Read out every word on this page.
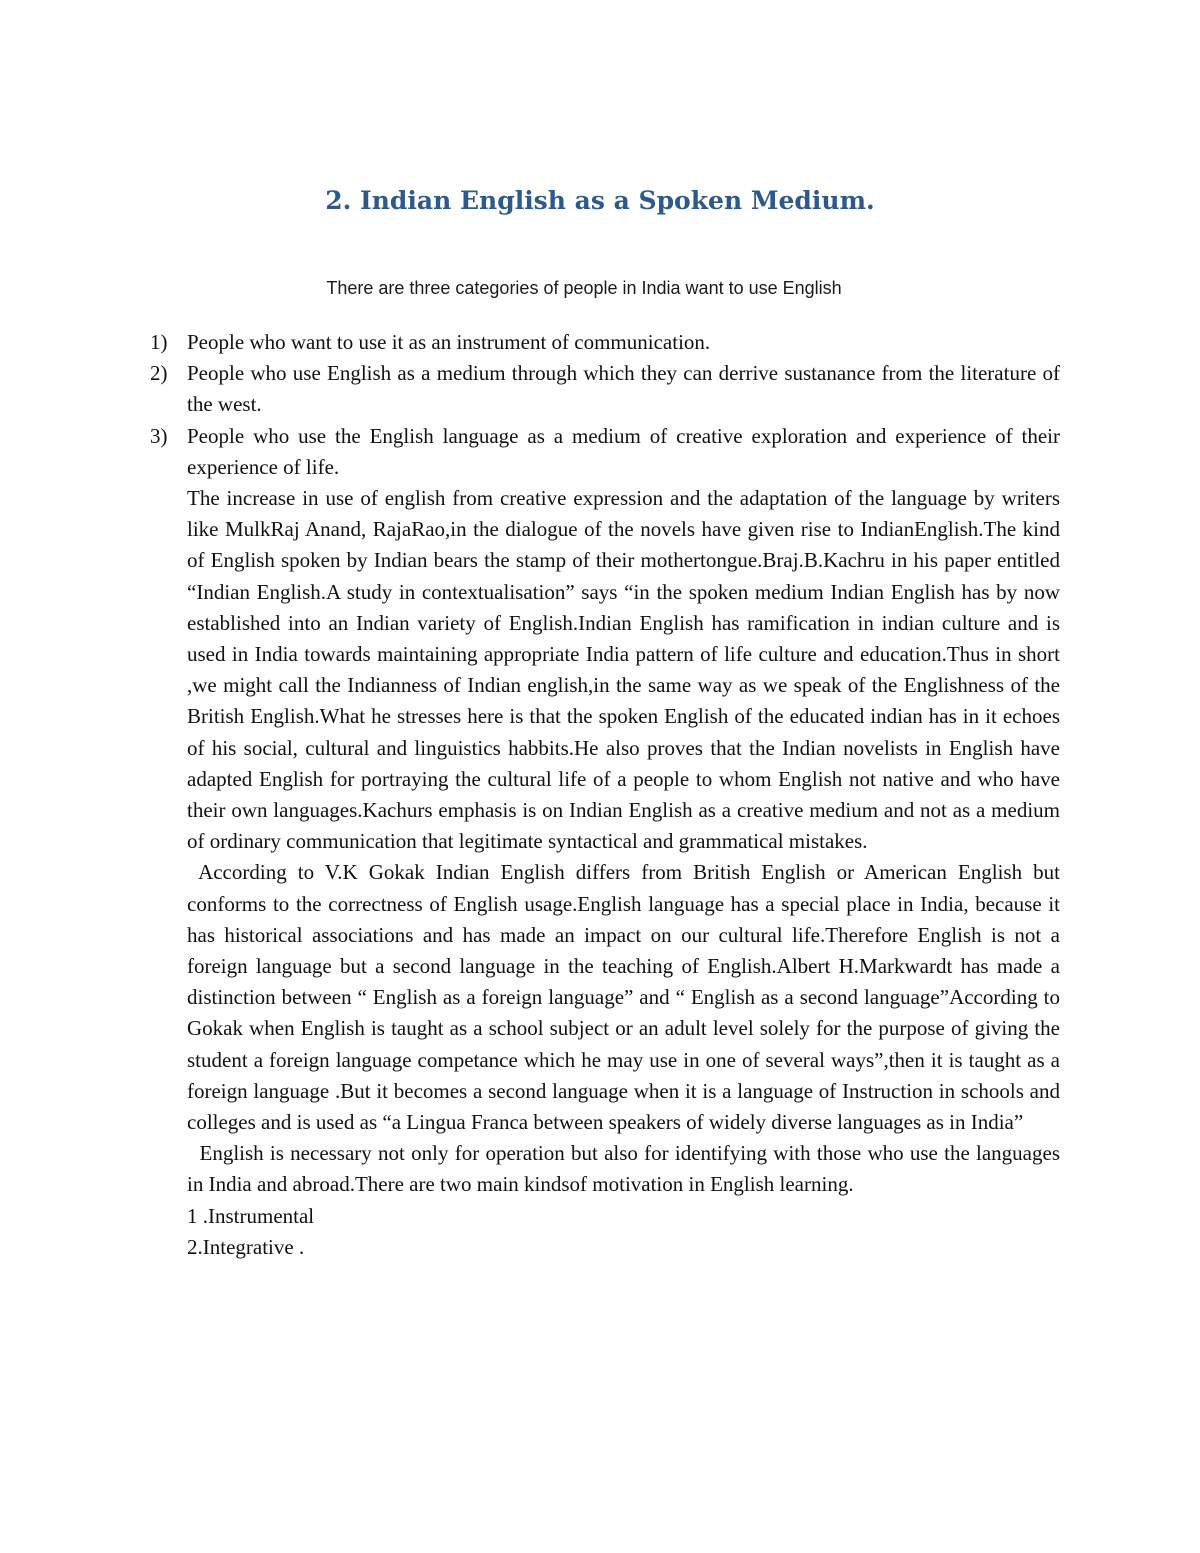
2. Indian English as a Spoken Medium.

There are three categories of people in India want to use English

1) People who want to use it as an instrument of communication.
2) People who use English as a medium through which they can derrive sustanance from the literature of the west.
3) People who use the English language as a medium of creative exploration and experience of their experience of life.

The increase in use of english from creative expression and the adaptation of the language by writers like MulkRaj Anand, RajaRao,in the dialogue of the novels have given rise to IndianEnglish.The kind of English spoken by Indian bears the stamp of their mothertongue.Braj.B.Kachru in his paper entitled “Indian English.A study in contextualisation” says “in the spoken medium Indian English has by now established into an Indian variety of English.Indian English has ramification in indian culture and is used in India towards maintaining appropriate India pattern of life culture and education.Thus in short ,we might call the Indianness of Indian english,in the same way as we speak of the Englishness of the British English.What he stresses here is that the spoken English of the educated indian has in it echoes of his social, cultural and linguistics habbits.He also proves that the Indian novelists in English have adapted English for portraying the cultural life of a people to whom English not native and who have their own languages.Kachurs emphasis is on Indian English as a creative medium and not as a medium of ordinary communication that legitimate syntactical and grammatical mistakes.

According to V.K Gokak Indian English differs from British English or American English but conforms to the correctness of English usage.English language has a special place in India, because it has historical associations and has made an impact on our cultural life.Therefore English is not a foreign language but a second language in the teaching of English.Albert H.Markwardt has made a distinction between “ English as a foreign language” and “ English as a second language”According to Gokak when English is taught as a school subject or an adult level solely for the purpose of giving the student a foreign language competance which he may use in one of several ways”,then it is taught as a foreign language .But it becomes a second language when it is a language of Instruction in schools and colleges and is used as “a Lingua Franca between speakers of widely diverse languages as in India”

English is necessary not only for operation but also for identifying with those who use the languages in India and abroad.There are two main kindsof motivation in English learning.

1 .Instrumental

2.Integrative .
